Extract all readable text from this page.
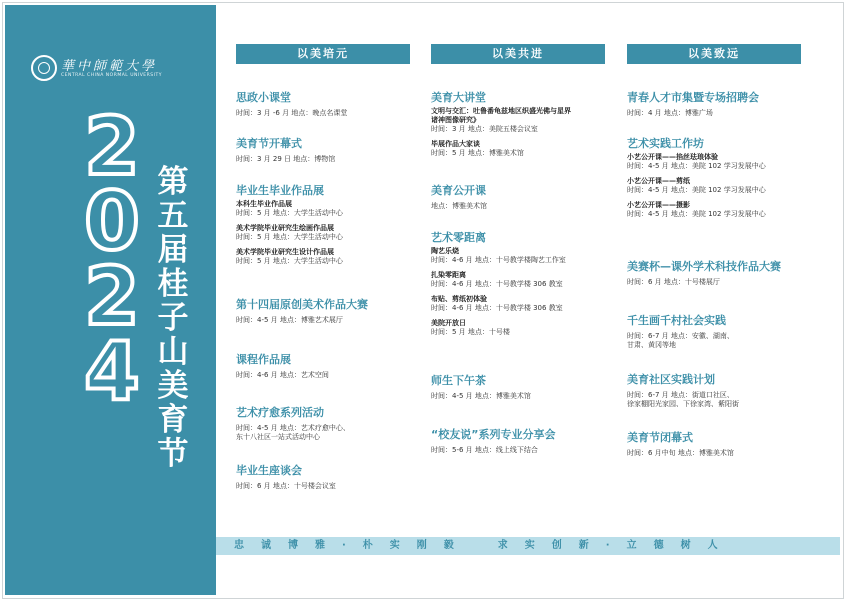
華中師範大學
CENTRAL CHINA NORMAL UNIVERSITY
2
0
2
4
第
五
届
桂
子
山
美
育
节
以美培元
思政小课堂
时间：3 月 -6 月 地点：晚点名课堂
美育节开幕式
时间：3 月 29 日 地点：博物馆
毕业生毕业作品展
本科生毕业作品展
时间：5 月 地点：大学生活动中心
美术学院毕业研究生绘画作品展
时间：5 月 地点：大学生活动中心
美术学院毕业研究生设计作品展
时间：5 月 地点：大学生活动中心
第十四届原创美术作品大赛
时间：4-5 月 地点：博雅艺术展厅
课程作品展
时间：4-6 月 地点：艺术空间
艺术疗愈系列活动
时间：4-5 月 地点：艺术疗愈中心、
东十八社区一站式活动中心
毕业生座谈会
时间：6 月 地点：十号楼会议室
以美共进
美育大讲堂
文明与交汇：吐鲁番龟兹地区织盛光佛与星界
诸神图像研究》
时间：3 月 地点：美院五楼会议室
毕展作品大家谈
时间：5 月 地点：博雅美术馆
美育公开课
地点：博雅美术馆
艺术零距离
陶艺乐烧
时间：4-6 月 地点：十号教学楼陶艺工作室
扎染零距离
时间：4-6 月 地点：十号教学楼 306 教室
布贴、剪纸初体验
时间：4-6 月 地点：十号教学楼 306 教室
美院开放日
时间：5 月 地点：十号楼
师生下午茶
时间：4-5 月 地点：博雅美术馆
“校友说”系列专业分享会
时间：5-6 月 地点：线上线下结合
以美致远
青春人才市集暨专场招聘会
时间：4 月 地点：博雅广场
艺术实践工作坊
小艺公开课——掐丝珐琅体验
时间：4-5 月 地点：美院 102 学习发展中心
小艺公开课——剪纸
时间：4-5 月 地点：美院 102 学习发展中心
小艺公开课——摄影
时间：4-5 月 地点：美院 102 学习发展中心
美赛杯—课外学术科技作品大赛
时间：6 月 地点：十号楼展厅
千生画千村社会实践
时间：6-7 月 地点：安徽、湖南、
甘肃、黄冈等地
美育社区实践计划
时间：6-7 月 地点：街道口社区、
徐家棚阳光家园、下徐家湾、紫阳街
美育节闭幕式
时间：6 月中旬 地点：博雅美术馆
忠诚博雅·朴实刚毅　求实创新·立德树人
